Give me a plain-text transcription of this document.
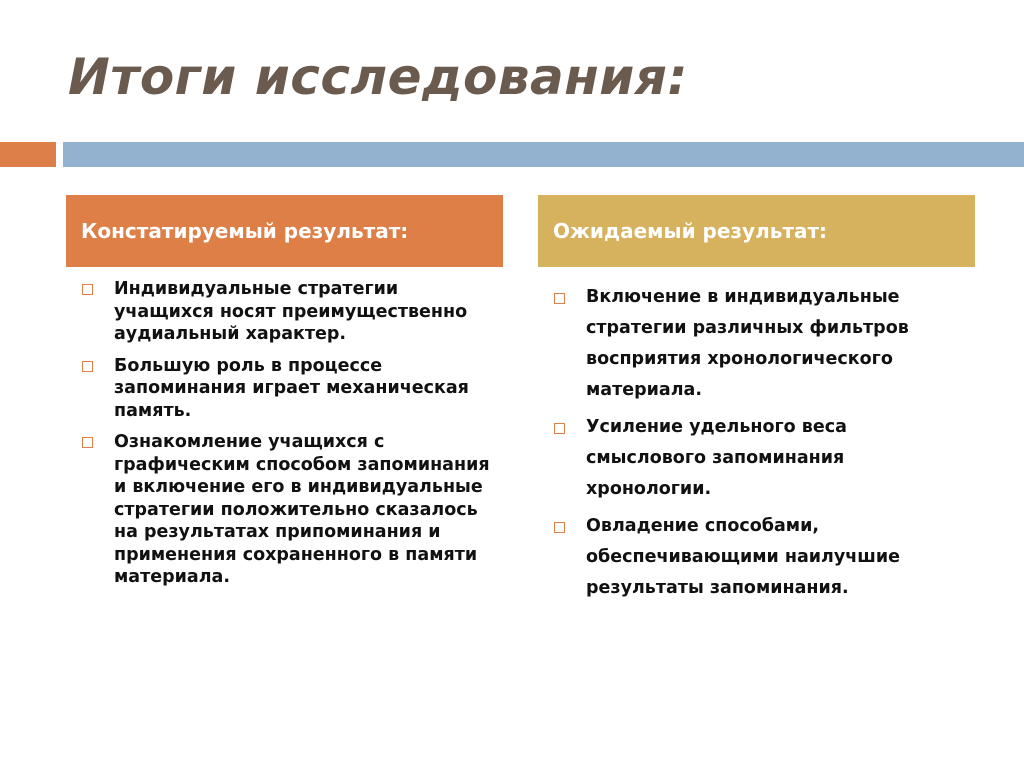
Итоги исследования:
Констатируемый результат:	Ожидаемый результат:
Индивидуальные стратегии учащихся носят преимущественно аудиальный характер.
Большую роль в процессе запоминания играет механическая память.
Ознакомление учащихся с графическим способом запоминания и включение его в индивидуальные стратегии положительно сказалось на результатах припоминания и применения сохраненного в памяти материала.
Включение в индивидуальные стратегии различных фильтров восприятия хронологического материала.
Усиление удельного веса смыслового запоминания хронологии.
Овладение способами, обеспечивающими наилучшие результаты запоминания.
